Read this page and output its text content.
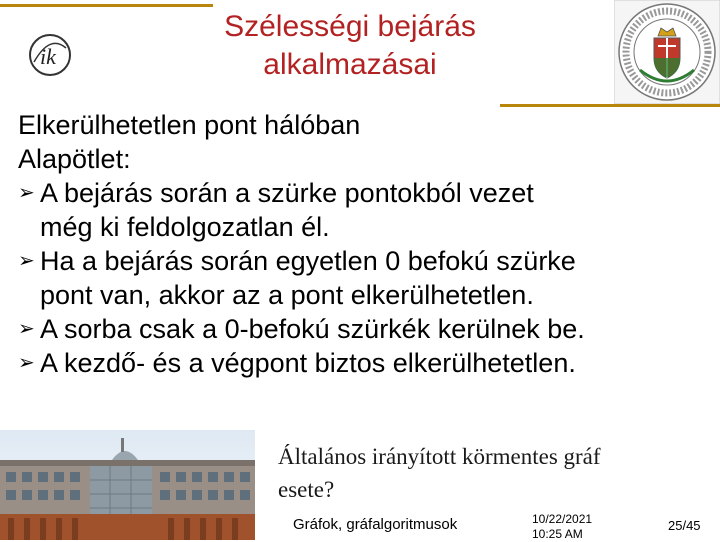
ik
Szélességi bejárás
alkalmazásai
Elkerülhetetlen pont hálóban
Alapötlet:
➢ A bejárás során a szürke pontokból vezet
még ki feldolgozatlan él.
➢ Ha a bejárás során egyetlen 0 befokú szürke
pont van, akkor az a pont elkerülhetetlen.
➢ A sorba csak a 0-befokú szürkék kerülnek be.
➢ A kezdő- és a végpont biztos elkerülhetetlen.
Általános irányított körmentes gráf
esete?
Gráfok, gráfalgoritmusok	10/22/2021
10:25 AM
25/45
